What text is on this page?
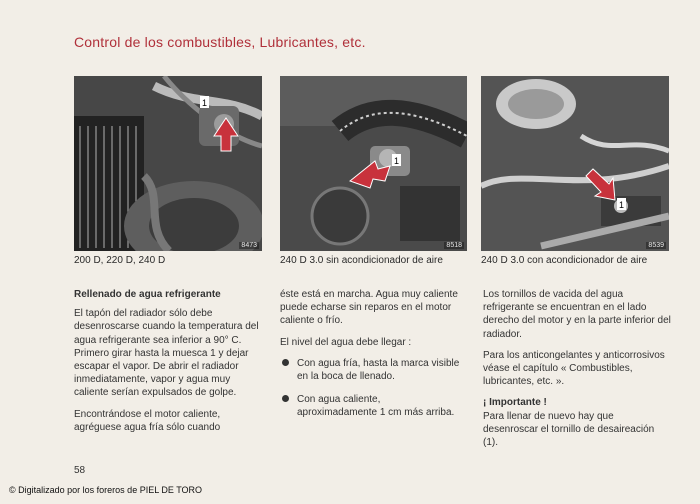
Control de los combustibles, Lubricantes, etc.
1
8473
1
8518
1
8539
200 D, 220 D, 240 D	240 D 3.0 sin acondicionador de aire	240 D 3.0 con acondicionador de aire

Rellenado de agua refrigerante

El tapón del radiador sólo debe desenroscarse cuando la temperatura del agua refrigerante sea inferior a 90° C. Primero girar hasta la muesca 1 y dejar escapar el vapor. De abrir el radiador inmediatamente, vapor y agua muy caliente serían expulsados de golpe.

Encontrándose el motor caliente, agréguese agua fría sólo cuando

éste está en marcha. Agua muy caliente puede echarse sin reparos en el motor caliente o frío.

El nivel del agua debe llegar :

Con agua fría, hasta la marca visible en la boca de llenado.
Con agua caliente, aproximadamente 1 cm más arriba.

Los tornillos de vacida del agua refrigerante se encuentran en el lado derecho del motor y en la parte inferior del radiador.

Para los anticongelantes y anticorrosivos véase el capítulo « Combustibles, lubricantes, etc. ».

¡ Importante !

Para llenar de nuevo hay que desenroscar el tornillo de desaireación (1).

58
© Digitalizado por los foreros de PIEL DE TORO
